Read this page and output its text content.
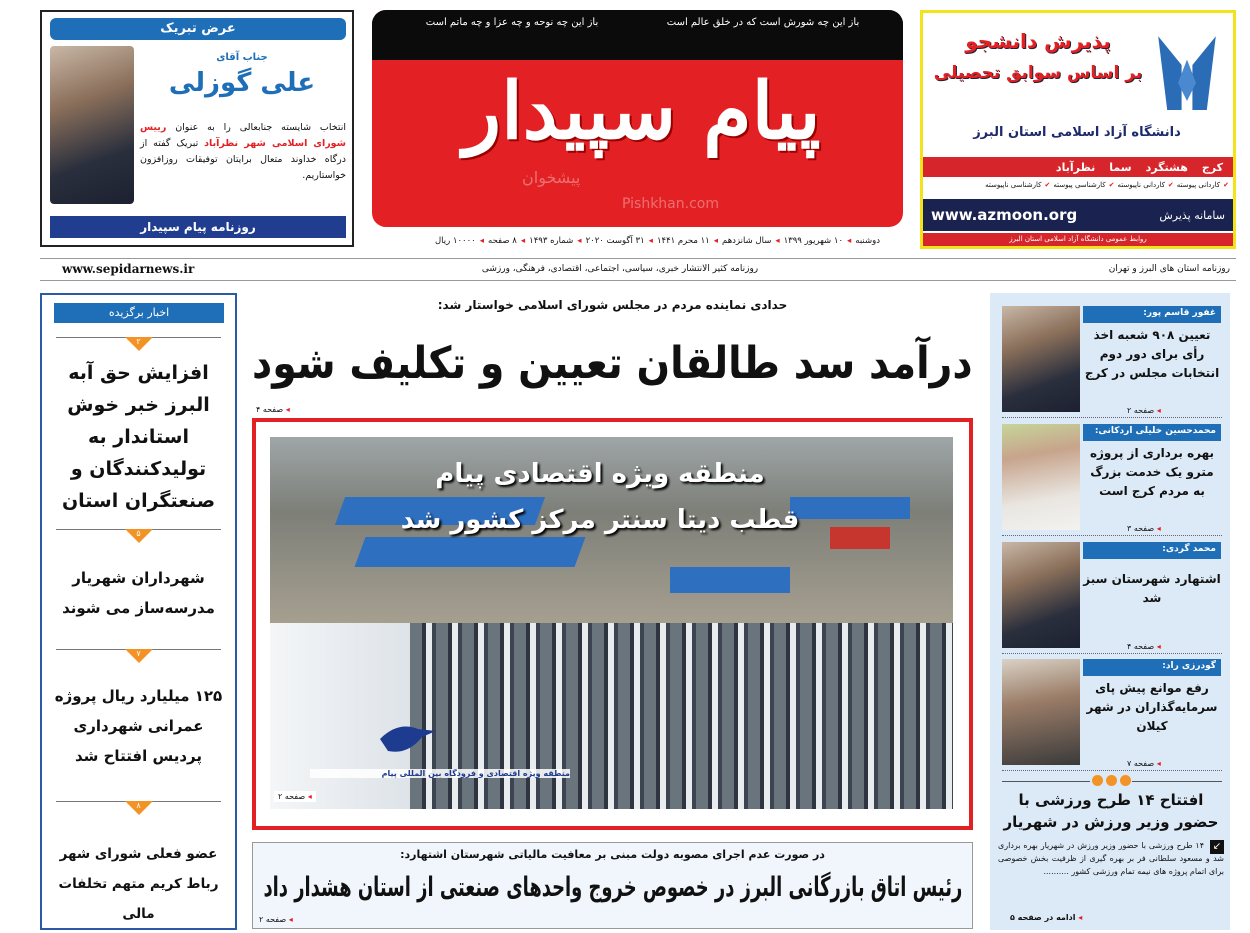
عرض تبریک
جناب آقای
علی گوزلی
انتخاب شایسته جنابعالی را به عنوان رییس شورای اسلامی شهر نظرآباد تبریک گفته از درگاه خداوند متعال برایتان توفیقات روزافزون خواستاریم.
روزنامه پیام سپیدار
باز این چه شورش است که در خلق عالم است
باز این چه نوحه و چه عزا و چه ماتم است
پیام سپیدار
پیشخوان
Pishkhan.com
دوشنبه
◂
۱۰ شهریور ۱۳۹۹
◂
سال شانزدهم
◂
۱۱ محرم ۱۴۴۱
◂
۳۱ آگوست ۲۰۲۰
◂
شماره ۱۴۹۳
◂
۸ صفحه
◂
۱۰۰۰۰ ریال
پذیرش دانشجو
بر اساس سوابق تحصیلی
دانشگاه آزاد اسلامی استان البرز
کرج
هشتگرد
سما
نظرآباد
✔
کاردانی پیوسته
✔
کاردانی ناپیوسته
✔
کارشناسی پیوسته
✔
کارشناسی ناپیوسته
www.azmoon.org	سامانه پذیرش
روابط عمومی دانشگاه آزاد اسلامی استان البرز
www.sepidarnews.ir	روزنامه کثیر الانتشار خبری، سیاسی، اجتماعی، اقتصادی، فرهنگی، ورزشی	روزنامه استان های البرز و تهران
اخبار برگزیده
۲
افزایش حق آبه البرز خبر خوش استاندار به تولیدکنندگان و صنعتگران استان
۵
شهرداران شهریار مدرسه‌ساز می شوند
۷
۱۲۵ میلیارد ریال پروژه عمرانی شهرداری پردیس افتتاح شد
۸
عضو فعلی شورای شهر رباط کریم متهم تخلفات مالی
حدادی نماینده مردم در مجلس شورای اسلامی خواستار شد:
درآمد سد طالقان تعیین و تکلیف شود
◂ صفحه ۴
منطقه ویژه اقتصادی پیام
قطب دیتا سنتر مرکز کشور شد
منطقه ویژه اقتصادی و فرودگاه بین المللی پیام
◂ صفحه ۲
در صورت عدم اجرای مصوبه دولت مبنی بر معافیت مالیاتی شهرستان اشتهارد:
رئیس اتاق بازرگانی البرز در خصوص خروج واحدهای صنعتی از استان هشدار داد
◂ صفحه ۲
غفور قاسم پور:
تعیین ۹۰۸ شعبه اخذ رأی برای دور دوم انتخابات مجلس در کرج
◂ صفحه ۲
محمدحسین خلیلی اردکانی:
بهره برداری از پروژه مترو یک خدمت بزرگ به مردم کرج است
◂ صفحه ۳
محمد گردی:
اشتهارد شهرستان سبز شد
◂ صفحه ۴
گودرزی راد:
رفع موانع پیش پای سرمایه‌گذاران در شهر کیلان
◂ صفحه ۷
افتتاح ۱۴ طرح ورزشی با حضور وزیر ورزش در شهریار
↙
۱۴ طرح ورزشی با حضور وزیر ورزش در شهریار بهره برداری شد و مسعود سلطانی فر بر بهره گیری از ظرفیت بخش خصوصی برای اتمام پروژه های نیمه تمام ورزشی کشور ..........
◂ ادامه در صفحه ۵
